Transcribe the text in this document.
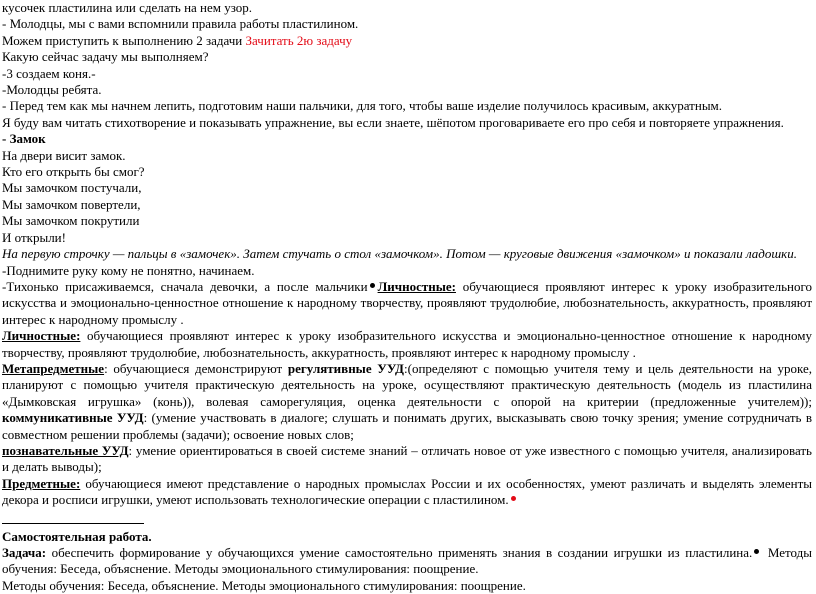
кусочек пластилина или сделать на нем узор.
- Молодцы, мы с вами вспомнили правила работы пластилином.
Можем приступить к выполнению 2 задачи Зачитать 2ю задачу
Какую сейчас задачу мы выполняем?
-3 создаем коня.-
-Молодцы ребята.
- Перед тем как мы начнем лепить, подготовим наши пальчики, для того, чтобы ваше изделие получилось красивым, аккуратным.
Я буду вам читать стихотворение и показывать упражнение, вы если знаете, шёпотом проговариваете его про себя и повторяете упражнения.
- Замок
На двери висит замок.
Кто его открыть бы смог?
Мы замочком постучали,
Мы замочком повертели,
Мы замочком покрутили
И открыли!
На первую строчку — пальцы в «замочек». Затем стучать о стол «замочком». Потом — круговые движения «замочком» и показали ладошки.
-Поднимите руку кому не понятно, начинаем.
-Тихонько присаживаемся, сначала девочки, а после мальчики Личностные: обучающиеся проявляют интерес к уроку изобразительного искусства и эмоционально-ценностное отношение к народному творчеству, проявляют трудолюбие, любознательность, аккуратность, проявляют интерес к народному промыслу .
Личностные: обучающиеся проявляют интерес к уроку изобразительного искусства и эмоционально-ценностное отношение к народному творчеству, проявляют трудолюбие, любознательность, аккуратность, проявляют интерес к народному промыслу .
Метапредметные: обучающиеся демонстрируют регулятивные УУД:(определяют с помощью учителя тему и цель деятельности на уроке, планируют с помощью учителя практическую деятельность на уроке, осуществляют практическую деятельность (модель из пластилина «Дымковская игрушка» (конь)), волевая саморегуляция, оценка деятельности с опорой на критерии (предложенные учителем)); коммуникативные УУД: (умение участвовать в диалоге; слушать и понимать других, высказывать свою точку зрения; умение сотрудничать в совместном решении проблемы (задачи); освоение новых слов;
познавательные УУД: умение ориентироваться в своей системе знаний – отличать новое от уже известного с помощью учителя, анализировать и делать выводы);
Предметные: обучающиеся имеют представление о народных промыслах России и их особенностях, умеют различать и выделять элементы декора и росписи игрушки, умеют использовать технологические операции с пластилином.
Самостоятельная работа.
Задача: обеспечить формирование у обучающихся умение самостоятельно применять знания в создании игрушки из пластилина. Методы обучения: Беседа, объяснение. Методы эмоционального стимулирования: поощрение.
Методы обучения: Беседа, объяснение. Методы эмоционального стимулирования: поощрение.
